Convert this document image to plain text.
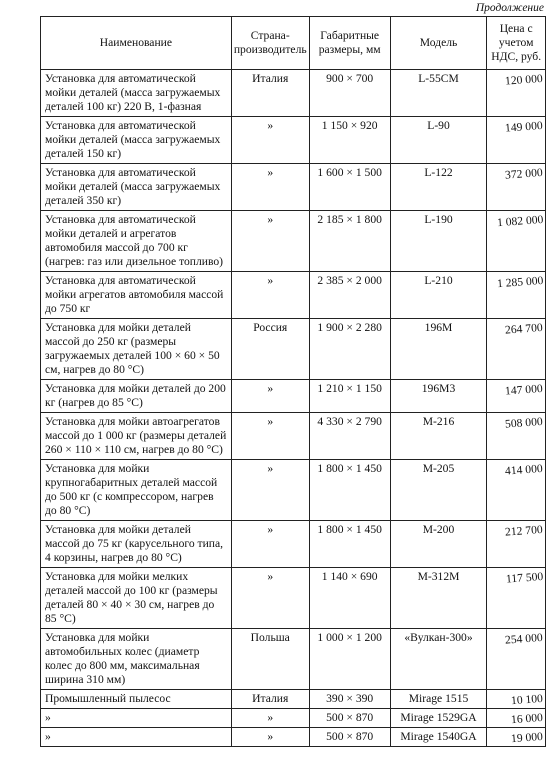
Продолжение
Наименование	Страна-производитель	Габаритные размеры, мм	Модель	Цена с учетом НДС, руб.
Установка для автоматической мойки деталей (масса загружаемых деталей 100 кг) 220 В, 1-фазная	Италия	900 × 700	L-55CM	120 000
Установка для автоматической мойки деталей (масса загружаемых деталей 150 кг)	»	1 150 × 920	L-90	149 000
Установка для автоматической мойки деталей (масса загружаемых деталей 350 кг)	»	1 600 × 1 500	L-122	372 000
Установка для автоматической мойки деталей и агрегатов автомобиля массой до 700 кг (нагрев: газ или дизельное топливо)	»	2 185 × 1 800	L-190	1 082 000
Установка для автоматической мойки агрегатов автомобиля массой до 750 кг	»	2 385 × 2 000	L-210	1 285 000
Установка для мойки деталей массой до 250 кг (размеры загружаемых деталей 100 × 60 × 50 см, нагрев до 80 °С)	Россия	1 900 × 2 280	196M	264 700
Установка для мойки деталей до 200 кг (нагрев до 85 °С)	»	1 210 × 1 150	196M3	147 000
Установка для мойки автоагрегатов массой до 1 000 кг (размеры деталей 260 × 110 × 110 см, нагрев до 80 °С)	»	4 330 × 2 790	М-216	508 000
Установка для мойки крупногабаритных деталей массой до 500 кг (с компрессором, нагрев до 80 °С)	»	1 800 × 1 450	М-205	414 000
Установка для мойки деталей массой до 75 кг (карусельного типа, 4 корзины, нагрев до 80 °С)	»	1 800 × 1 450	М-200	212 700
Установка для мойки мелких деталей массой до 100 кг (размеры деталей 80 × 40 × 30 см, нагрев до 85 °С)	»	1 140 × 690	М-312М	117 500
Установка для мойки автомобильных колес (диаметр колес до 800 мм, максимальная ширина 310 мм)	Польша	1 000 × 1 200	«Вулкан-300»	254 000
Промышленный пылесос	Италия	390 × 390	Mirage 1515	10 100
»	»	500 × 870	Mirage 1529GA	16 000
»	»	500 × 870	Mirage 1540GA	19 000
